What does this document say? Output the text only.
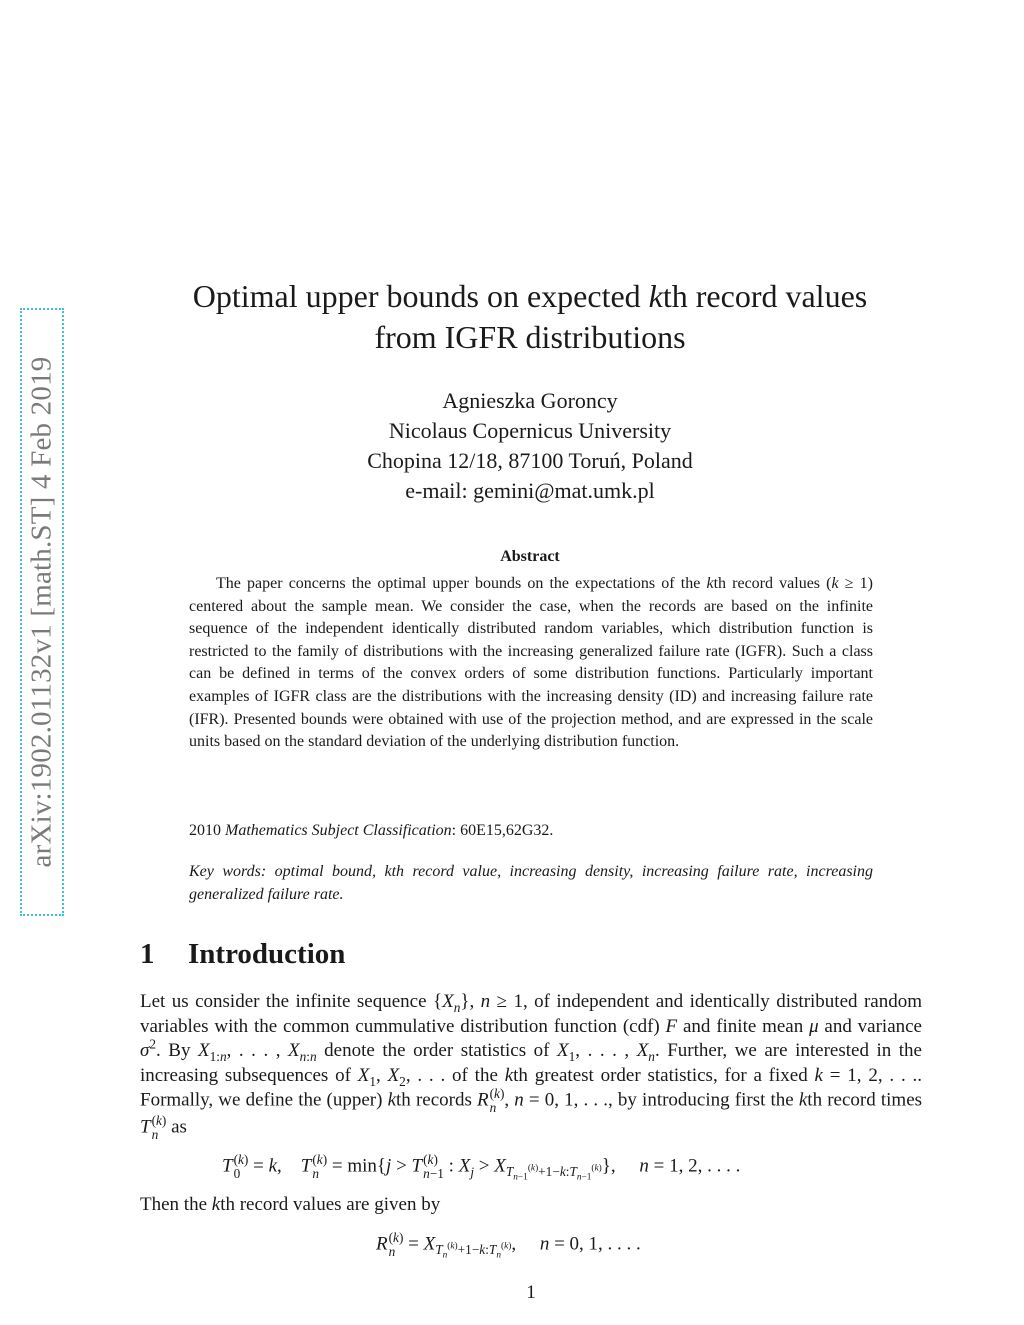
arXiv:1902.01132v1 [math.ST] 4 Feb 2019
Optimal upper bounds on expected kth record values
from IGFR distributions
Agnieszka Goroncy
Nicolaus Copernicus University
Chopina 12/18, 87100 Toruń, Poland
e-mail: gemini@mat.umk.pl
Abstract

The paper concerns the optimal upper bounds on the expectations of the kth record values (k ≥ 1) centered about the sample mean. We consider the case, when the records are based on the infinite sequence of the independent identically distributed random variables, which distribution function is restricted to the family of distributions with the increasing generalized failure rate (IGFR). Such a class can be defined in terms of the convex orders of some distribution functions. Particularly important examples of IGFR class are the distributions with the increasing density (ID) and increasing failure rate (IFR). Presented bounds were obtained with use of the projection method, and are expressed in the scale units based on the standard deviation of the underlying distribution function.

2010 Mathematics Subject Classification: 60E15,62G32.

Key words: optimal bound, kth record value, increasing density, increasing failure rate, increasing generalized failure rate.

1 Introduction

Let us consider the infinite sequence $\{X_n\}$, n ≥ 1, of independent and identically distributed random variables with the common cummulative distribution function (cdf) F and finite mean μ and variance $\sigma^2$. By $X_{1:n}$, . . . , $X_{n:n}$ denote the order statistics of $X_1$, . . . , $X_n$. Further, we are interested in the increasing subsequences of $X_1$, $X_2$, . . . of the kth greatest order statistics, for a fixed k = 1, 2, . . .. Formally, we define the (upper) kth records R (k)
n , n = 0, 1, . . ., by introducing first the kth record times T (k)
n as

T (k)
0 = k,    T (k)
n = min{j > T (k)
n−1 : $X_j > X_{T_{n-1}^{(k)}+1-k:T_{n-1}^{(k)}}$},     n = 1, 2, . . . .

Then the kth record values are given by

R (k)
$n = X_{T_n^{(k)}+1-k:T_n^{(k)}}$,     n = 0, 1, . . . .
1
